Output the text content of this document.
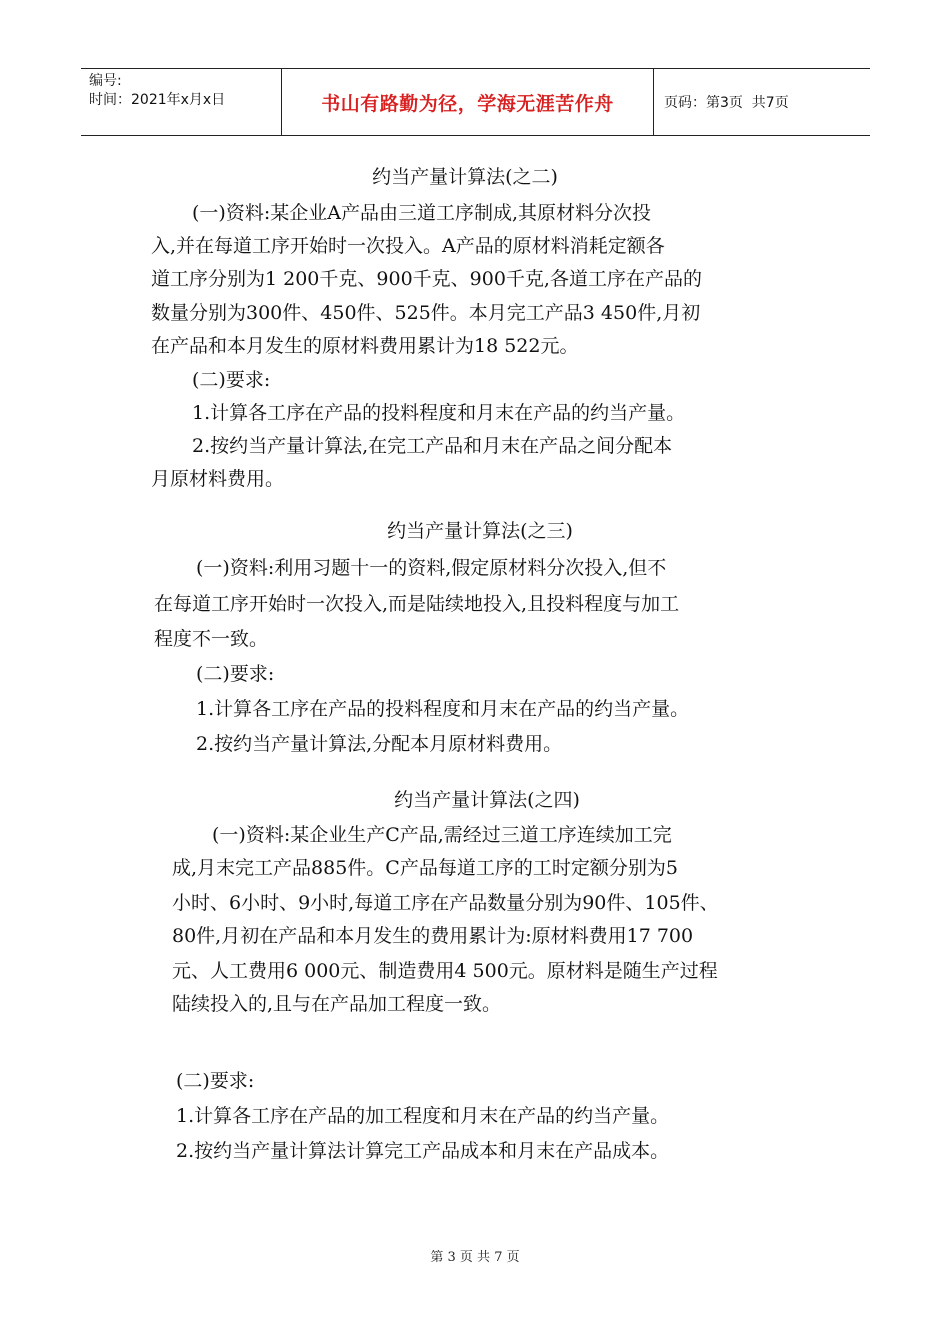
编号:
时间：2021年x月x日	书山有路勤为径，学海无涯苦作舟	页码：第3页  共7页
约当产量计算法(之二)
(一)资料:某企业A产品由三道工序制成,其原材料分次投
入,并在每道工序开始时一次投入。A产品的原材料消耗定额各
道工序分别为1 200千克、900千克、900千克,各道工序在产品的
数量分别为300件、450件、525件。本月完工产品3 450件,月初
在产品和本月发生的原材料费用累计为18 522元。
(二)要求:
1.计算各工序在产品的投料程度和月末在产品的约当产量。
2.按约当产量计算法,在完工产品和月末在产品之间分配本
月原材料费用。
约当产量计算法(之三)
(一)资料:利用习题十一的资料,假定原材料分次投入,但不
在每道工序开始时一次投入,而是陆续地投入,且投料程度与加工
程度不一致。
(二)要求:
1.计算各工序在产品的投料程度和月末在产品的约当产量。
2.按约当产量计算法,分配本月原材料费用。
约当产量计算法(之四)
(一)资料:某企业生产C产品,需经过三道工序连续加工完
成,月末完工产品885件。C产品每道工序的工时定额分别为5
小时、6小时、9小时,每道工序在产品数量分别为90件、105件、
80件,月初在产品和本月发生的费用累计为:原材料费用17 700
元、人工费用6 000元、制造费用4 500元。原材料是随生产过程
陆续投入的,且与在产品加工程度一致。
(二)要求:
1.计算各工序在产品的加工程度和月末在产品的约当产量。
2.按约当产量计算法计算完工产品成本和月末在产品成本。
第 3 页 共 7 页
